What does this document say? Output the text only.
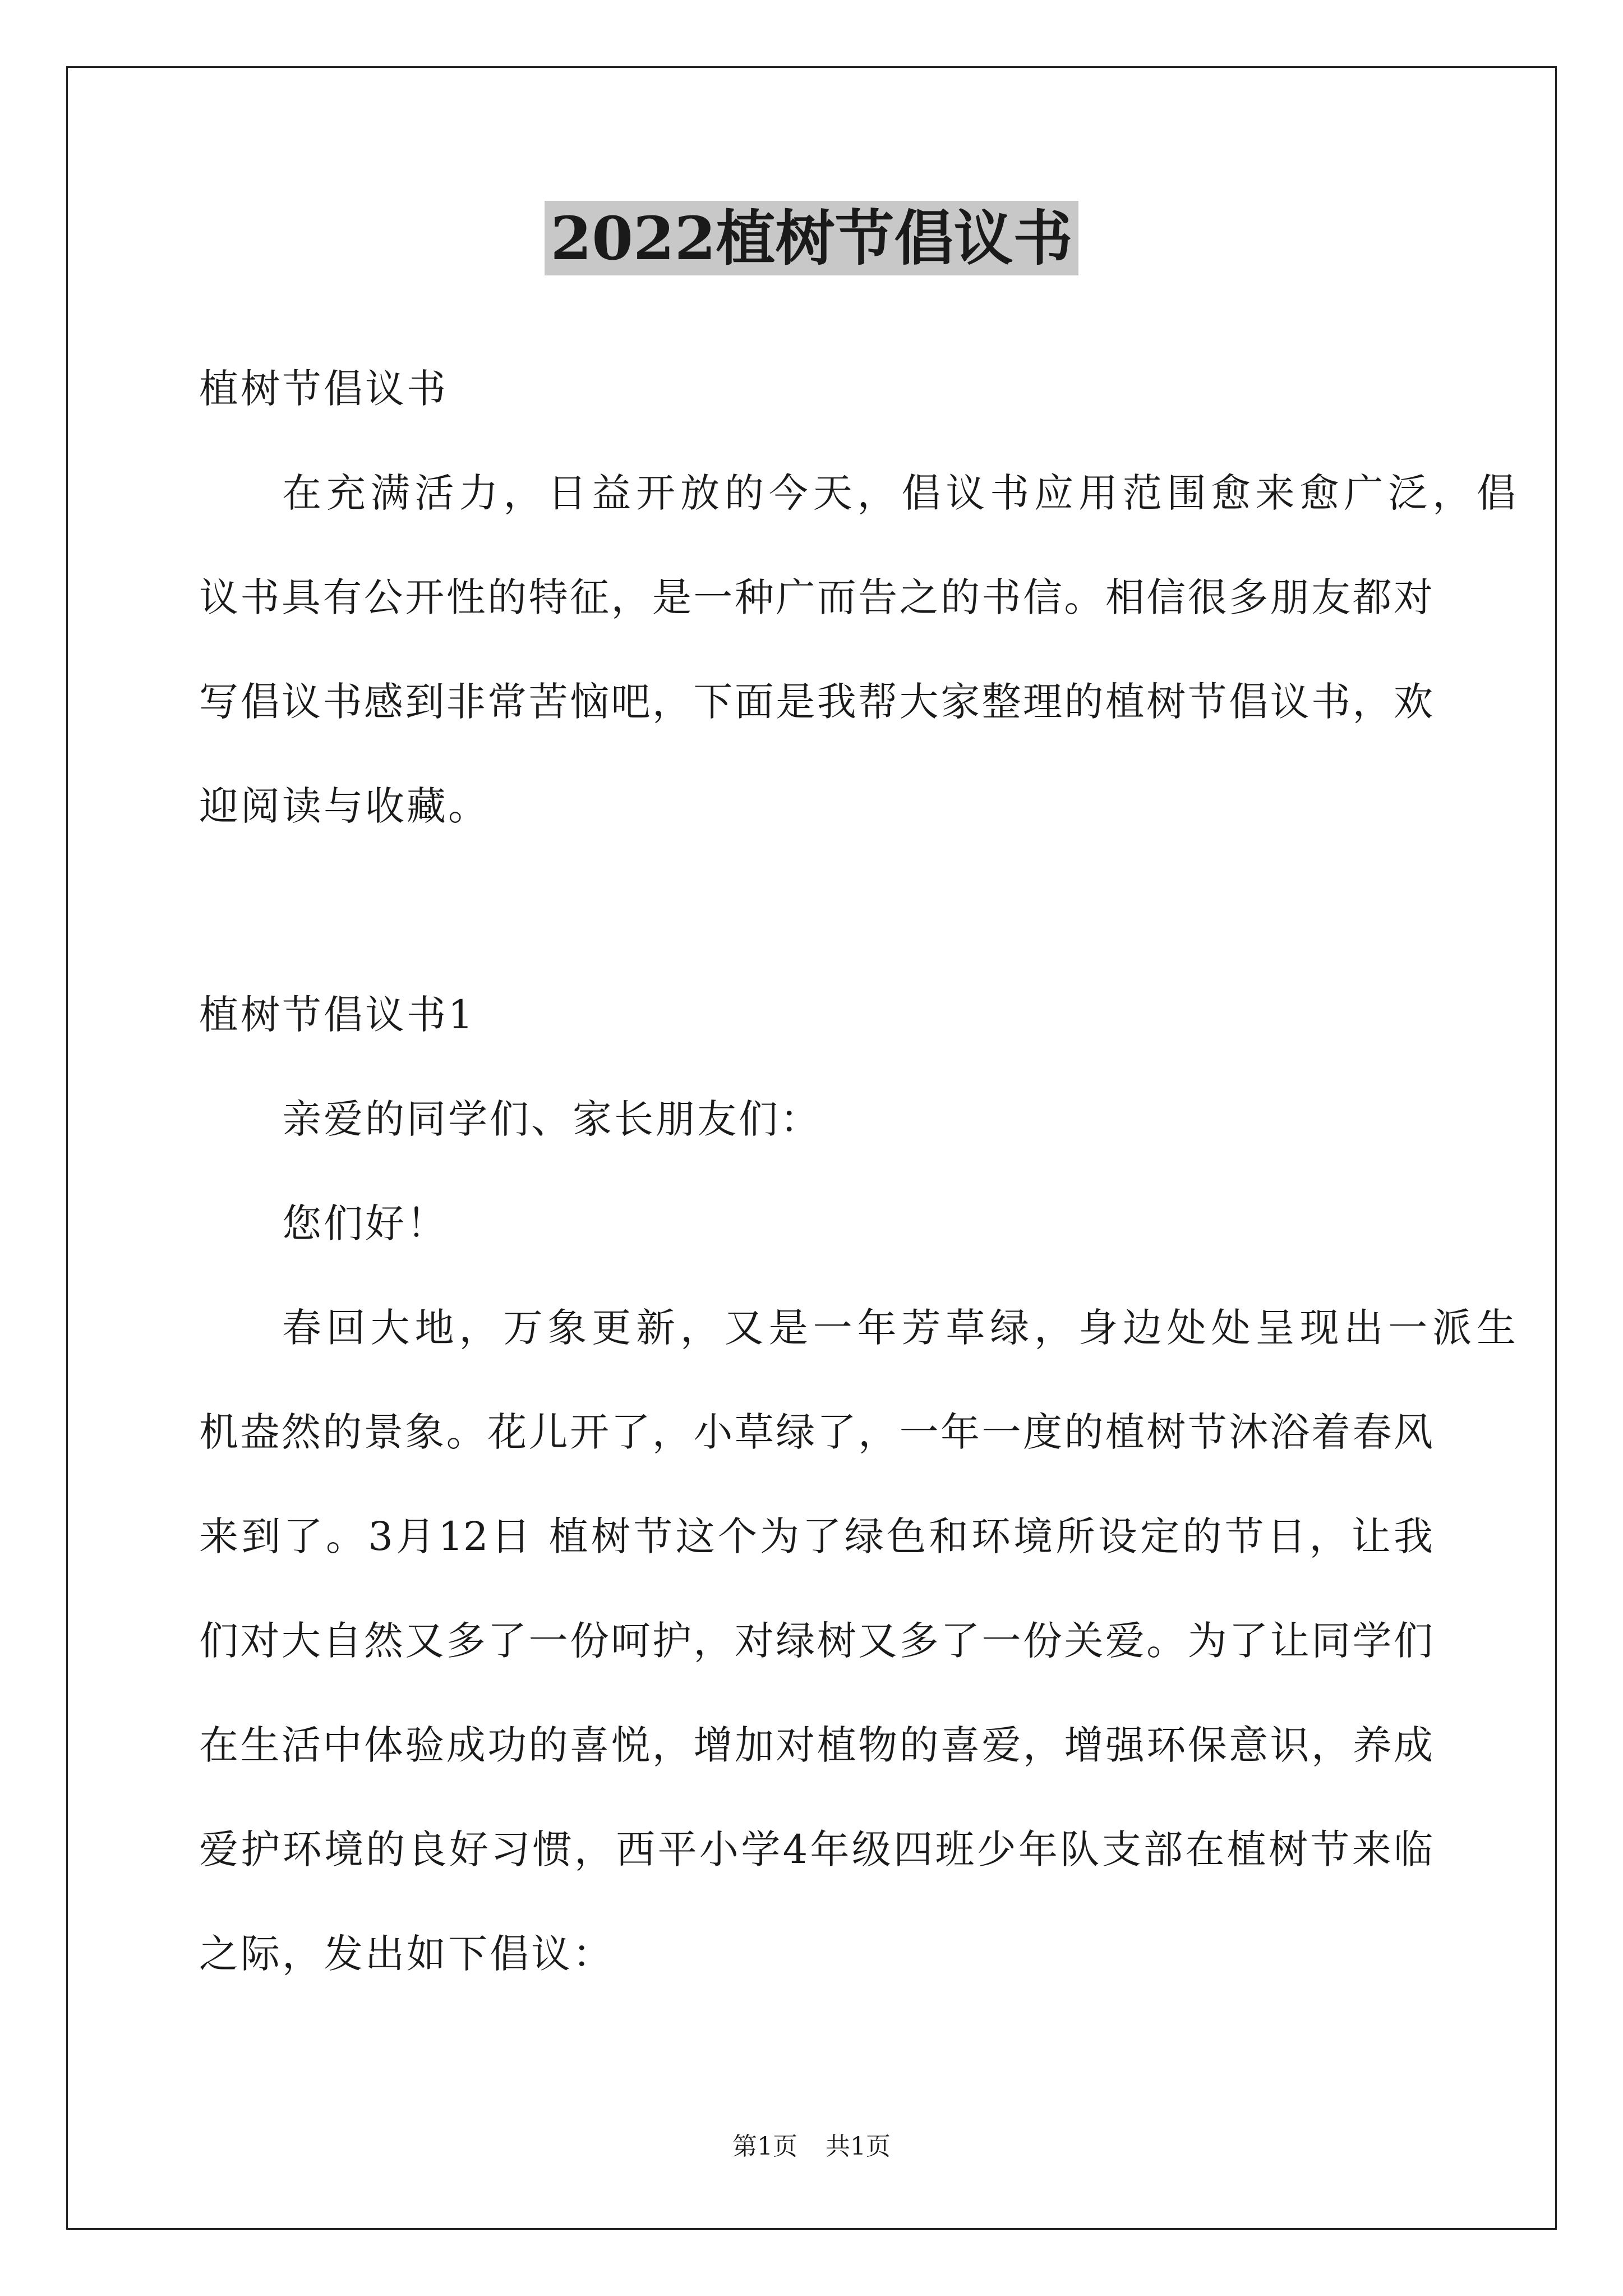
2022植树节倡议书
植树节倡议书
在充满活力，日益开放的今天，倡议书应用范围愈来愈广泛，倡
议书具有公开性的特征，是一种广而告之的书信。相信很多朋友都对
写倡议书感到非常苦恼吧，下面是我帮大家整理的植树节倡议书，欢
迎阅读与收藏。
植树节倡议书1
亲爱的同学们、家长朋友们：
您们好！
春回大地，万象更新，又是一年芳草绿，身边处处呈现出一派生
机盎然的景象。花儿开了，小草绿了，一年一度的植树节沐浴着春风
来到了。3月12日 植树节这个为了绿色和环境所设定的节日，让我
们对大自然又多了一份呵护，对绿树又多了一份关爱。为了让同学们
在生活中体验成功的喜悦，增加对植物的喜爱，增强环保意识，养成
爱护环境的良好习惯，西平小学4年级四班少年队支部在植树节来临
之际，发出如下倡议：
第1页 共1页
